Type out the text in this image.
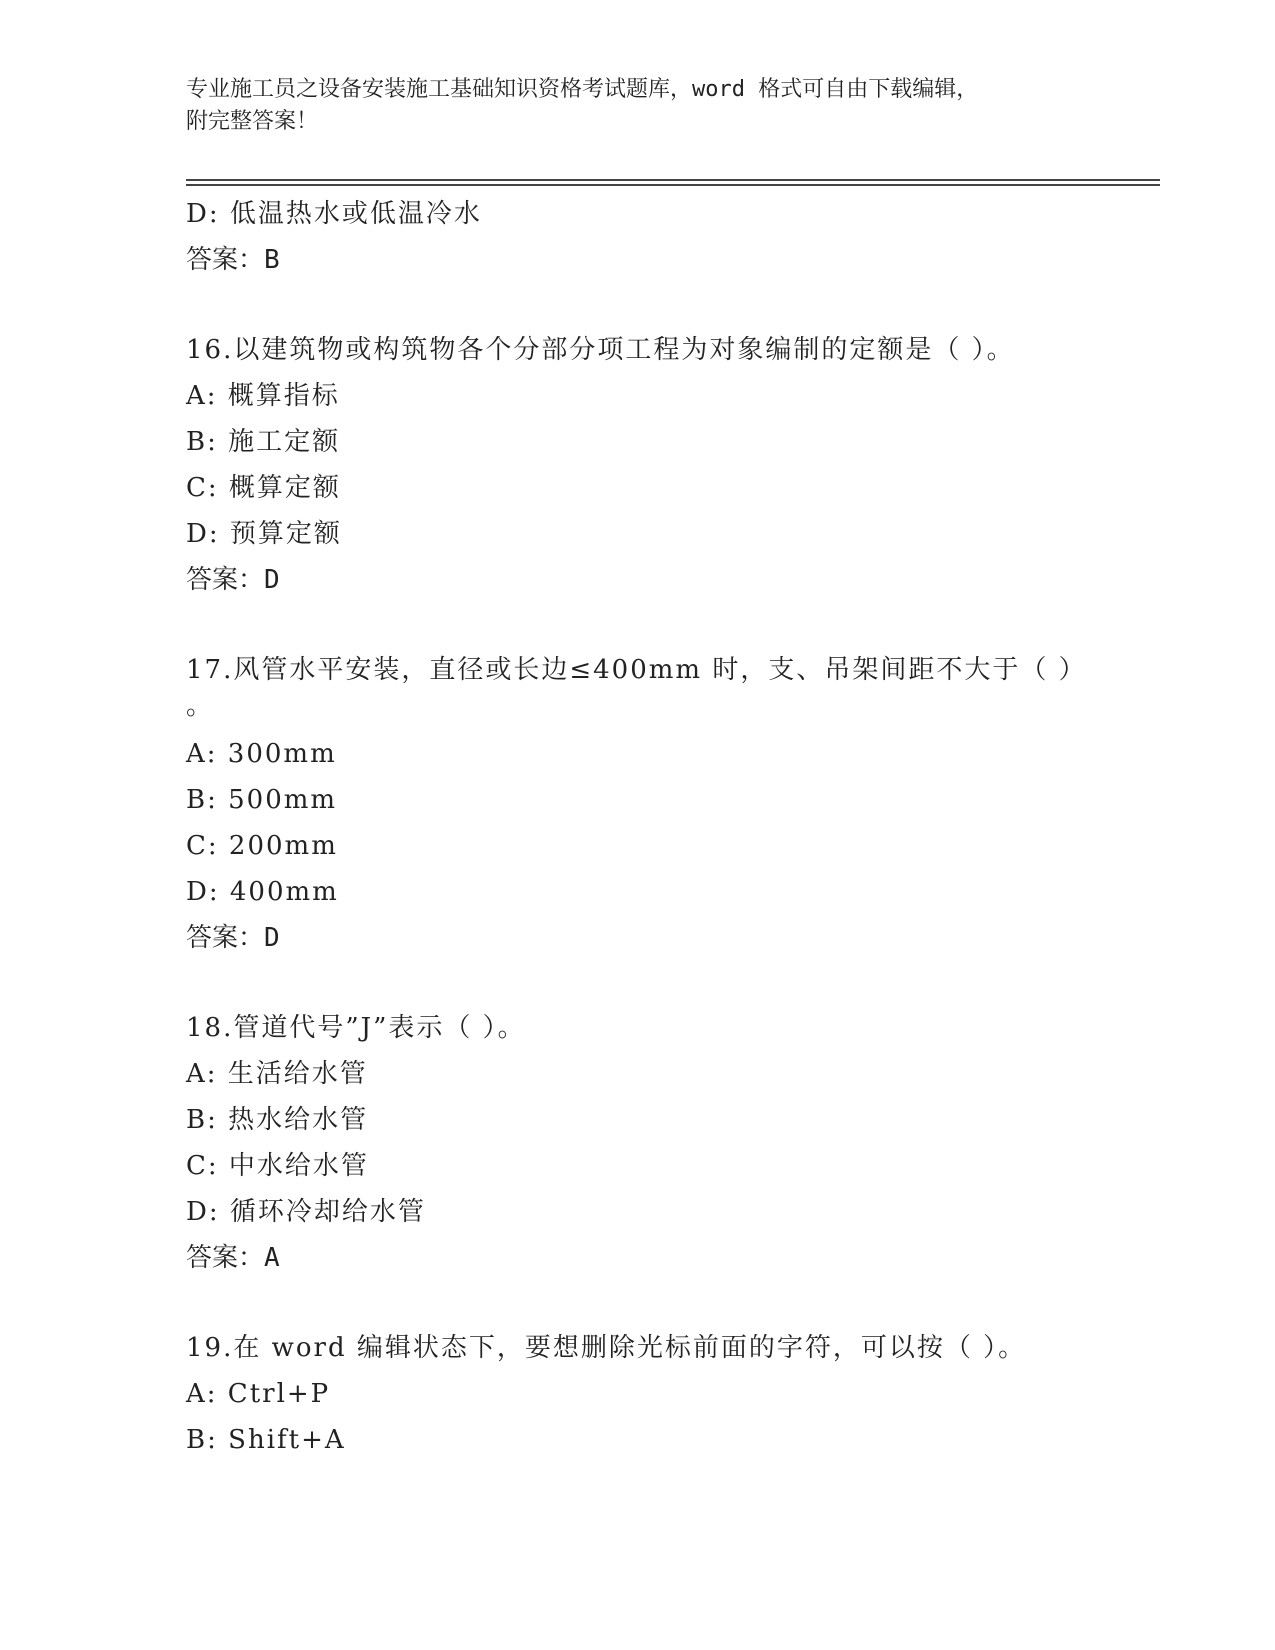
专业施工员之设备安装施工基础知识资格考试题库，word 格式可自由下载编辑，
附完整答案！
D: 低温热水或低温冷水
答案：B
16.以建筑物或构筑物各个分部分项工程为对象编制的定额是（ ）。
A: 概算指标
B: 施工定额
C: 概算定额
D: 预算定额
答案：D
17.风管水平安装，直径或长边≤400mm 时，支、吊架间距不大于（ ）
。
A: 300mm
B: 500mm
C: 200mm
D: 400mm
答案：D
18.管道代号”J”表示（ ）。
A: 生活给水管
B: 热水给水管
C: 中水给水管
D: 循环冷却给水管
答案：A
19.在 word 编辑状态下，要想删除光标前面的字符，可以按（ ）。
A: Ctrl+P
B: Shift+A
